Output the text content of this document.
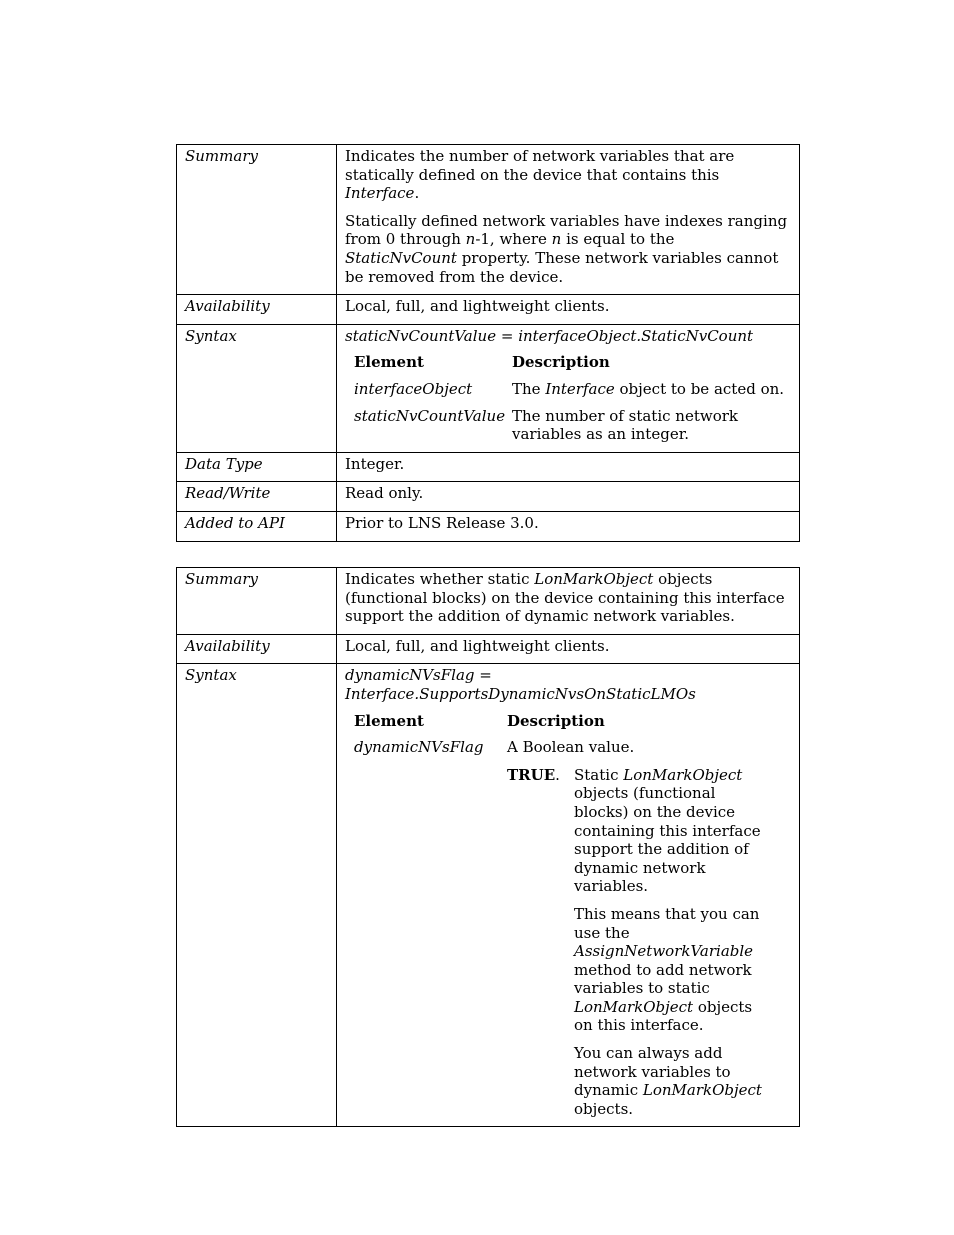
Summary	Indicates the number of network variables that are statically defined on the device that contains this Interface.

Statically defined network variables have indexes ranging from 0 through n-1, where n is equal to the StaticNvCount property. These network variables cannot be removed from the device.

Availability	Local, full, and lightweight clients.
Syntax	staticNvCountValue = interfaceObject.StaticNvCount
Element	Description
interfaceObject	The Interface object to be acted on.
staticNvCountValue	The number of static network variables as an integer.

Data Type	Integer.
Read/Write	Read only.
Added to API	Prior to LNS Release 3.0.
Summary	Indicates whether static LonMarkObject objects (functional blocks) on the device containing this interface support the addition of dynamic network variables.
Availability	Local, full, and lightweight clients.
Syntax	dynamicNVsFlag =
Interface.SupportsDynamicNvsOnStaticLMOs
Element	Description
dynamicNVsFlag	A Boolean value.
TRUE. Static LonMarkObject objects (functional blocks) on the device containing this interface support the addition of dynamic network variables.

This means that you can use the AssignNetworkVariable method to add network variables to static LonMarkObject objects on this interface.

You can always add network variables to dynamic LonMarkObject objects.
